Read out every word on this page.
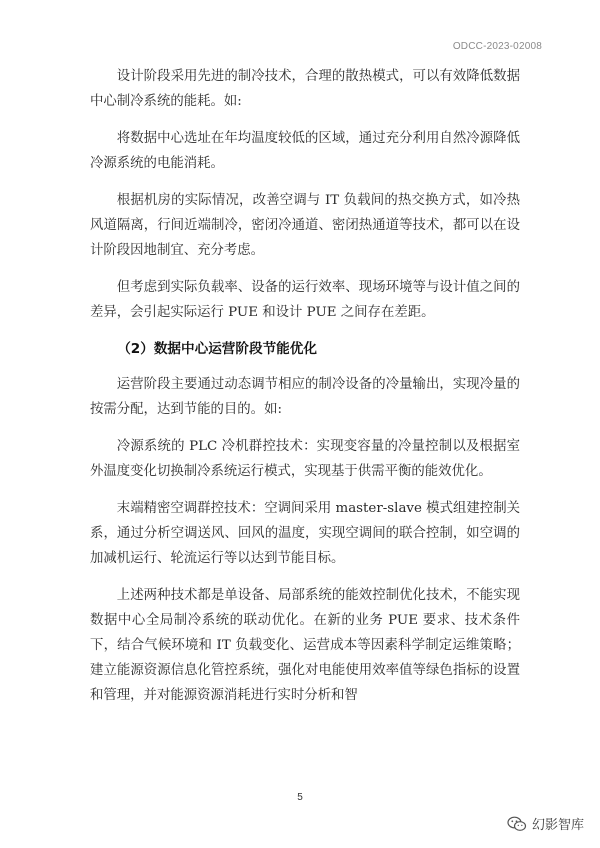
ODCC-2023-02008

设计阶段采用先进的制冷技术，合理的散热模式，可以有效降低数据中心制冷系统的能耗。如:

将数据中心选址在年均温度较低的区域，通过充分利用自然冷源降低冷源系统的电能消耗。

根据机房的实际情况，改善空调与 IT 负载间的热交换方式，如冷热风道隔离，行间近端制冷，密闭冷通道、密闭热通道等技术，都可以在设计阶段因地制宜、充分考虑。

但考虑到实际负载率、设备的运行效率、现场环境等与设计值之间的差异，会引起实际运行 PUE 和设计 PUE 之间存在差距。

（2）数据中心运营阶段节能优化

运营阶段主要通过动态调节相应的制冷设备的冷量输出，实现冷量的按需分配，达到节能的目的。如:

冷源系统的 PLC 冷机群控技术：实现变容量的冷量控制以及根据室外温度变化切换制冷系统运行模式，实现基于供需平衡的能效优化。

末端精密空调群控技术：空调间采用 master-slave 模式组建控制关系，通过分析空调送风、回风的温度，实现空调间的联合控制，如空调的加减机运行、轮流运行等以达到节能目标。

上述两种技术都是单设备、局部系统的能效控制优化技术，不能实现数据中心全局制冷系统的联动优化。在新的业务 PUE 要求、技术条件下，结合气候环境和 IT 负载变化、运营成本等因素科学制定运维策略；建立能源资源信息化管控系统，强化对电能使用效率值等绿色指标的设置和管理，并对能源资源消耗进行实时分析和智

5
幻影智库
